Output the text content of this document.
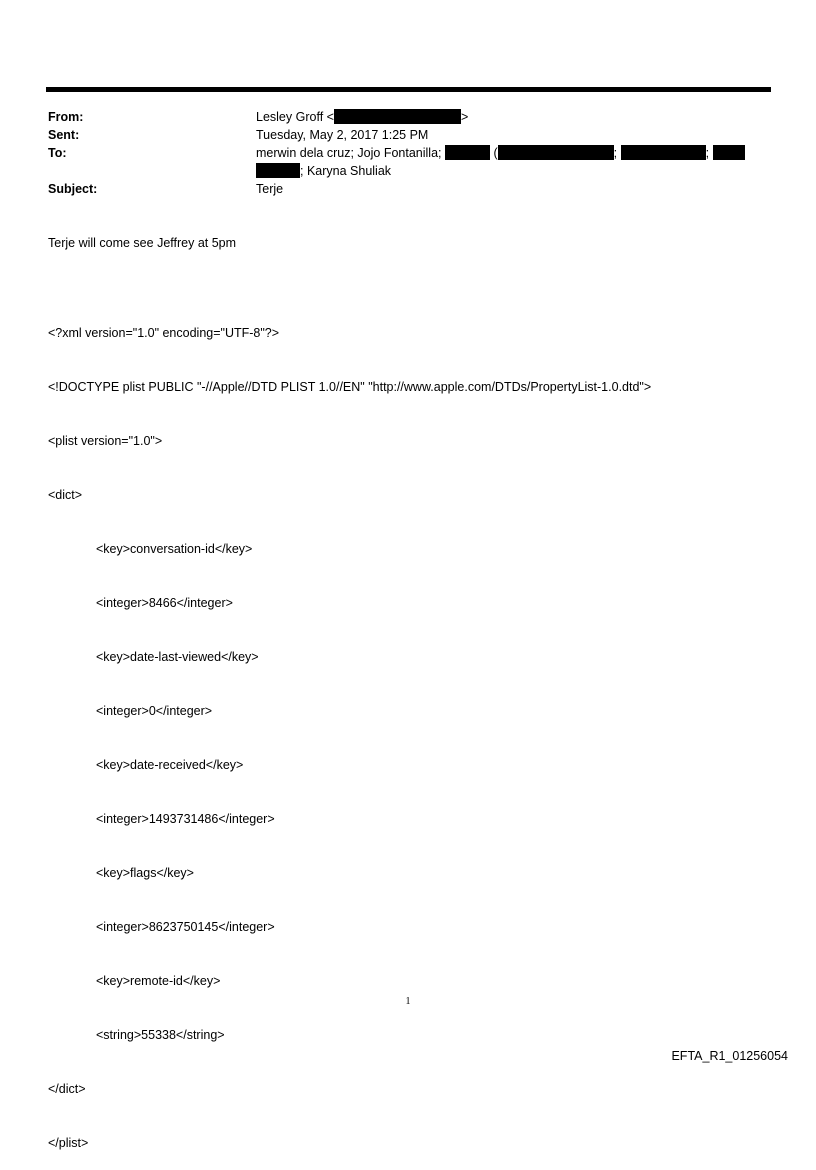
From:	Lesley Groff <	>
Sent:	Tuesday, May 2, 2017 1:25 PM
To:	merwin dela cruz; Jojo Fontanilla;	(	;	;
; Karyna Shuliak
Subject:	Terje
Terje will come see Jeffrey at 5pm

<?xml version="1.0" encoding="UTF-8"?>

<!DOCTYPE plist PUBLIC "-//Apple//DTD PLIST 1.0//EN" "http://www.apple.com/DTDs/PropertyList-1.0.dtd">

<plist version="1.0">

<dict>

<key>conversation-id</key>

<integer>8466</integer>

<key>date-last-viewed</key>

<integer>0</integer>

<key>date-received</key>

<integer>1493731486</integer>

<key>flags</key>

<integer>8623750145</integer>

<key>remote-id</key>

<string>55338</string>

</dict>

</plist>

1
EFTA_R1_01256054
